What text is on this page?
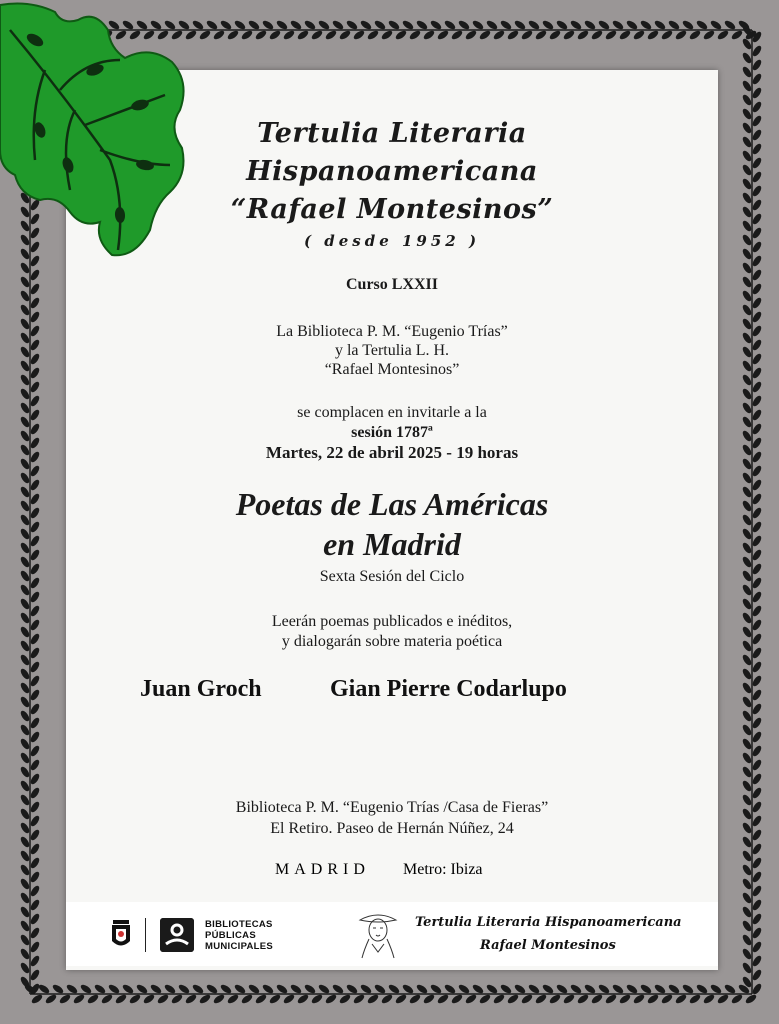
Tertulia Literaria
Hispanoamericana
“Rafael Montesinos”
( desde 1952 )
Curso LXXII
La Biblioteca P. M. “Eugenio Trías”
y la Tertulia L. H.
“Rafael Montesinos”
se complacen en invitarle a la
sesión 1787ª
Martes, 22 de abril 2025 - 19 horas
Poetas de Las Américas
en Madrid
Sexta Sesión del Ciclo
Leerán poemas publicados e inéditos,
y dialogarán sobre materia poética
Juan Groch	Gian Pierre Codarlupo
Biblioteca P. M. “Eugenio Trías /Casa de Fieras”
El Retiro. Paseo de Hernán Núñez, 24
MADRID Metro: Ibiza
BIBLIOTECAS
PÚBLICAS
MUNICIPALES
Tertulia Literaria Hispanoamericana
Rafael Montesinos
